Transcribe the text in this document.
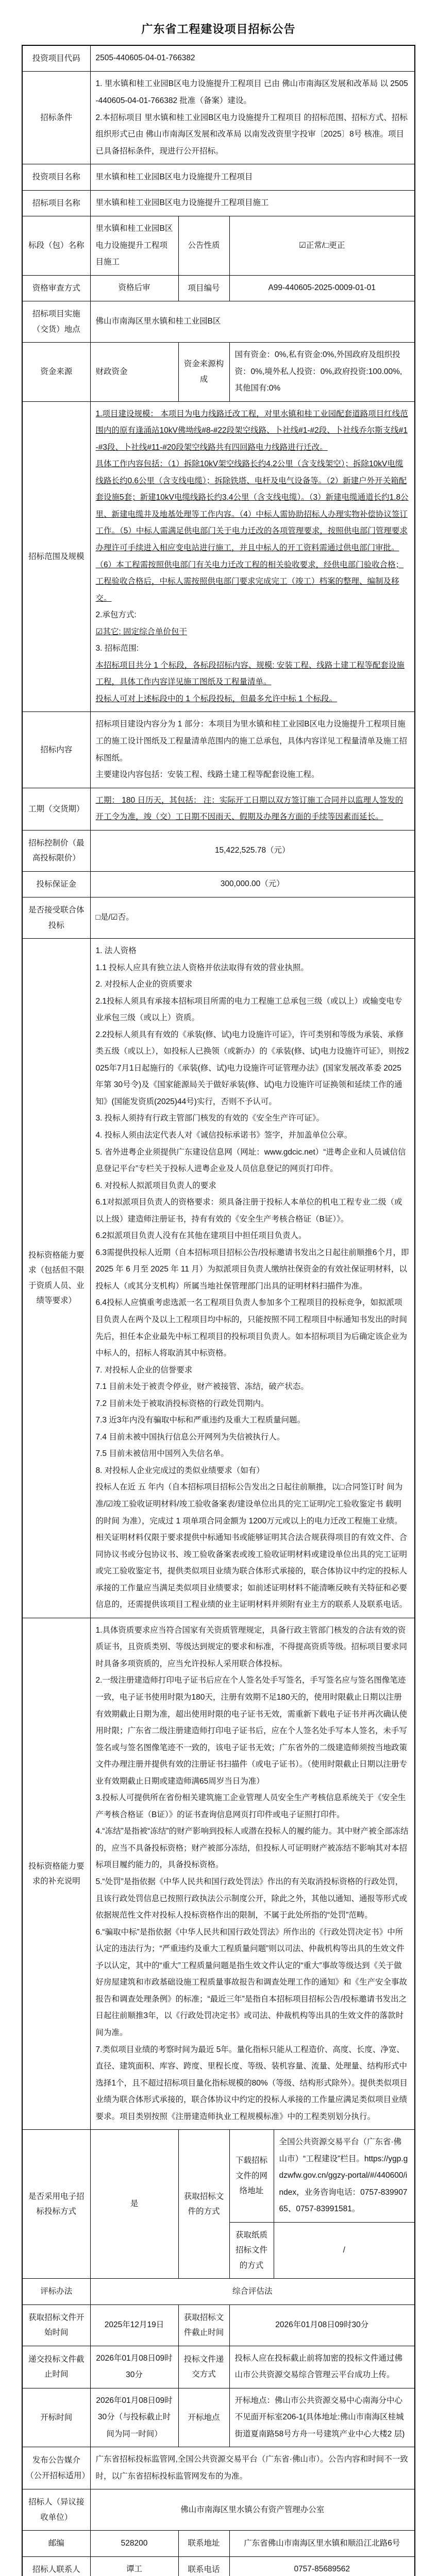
广东省工程建设项目招标公告
投资项目代码	2505-440605-04-01-766382			

招标条件	1. 里水镇和桂工业园B区电力设施提升工程项目 已由 佛山市南海区发展和改革局 以 2505-440605-04-01-766382 批准（备案）建设。

2.本招标项目 里水镇和桂工业园B区电力设施提升工程项目 的招标范围、招标方式、招标组织形式已由 佛山市南海区发展和改革局 以南发改资里字投审〔2025〕8号 核准。项目已具备招标条件，现进行公开招标。			

投资项目名称	里水镇和桂工业园B区电力设施提升工程项目			

招标项目名称	里水镇和桂工业园B区电力设施提升工程项目施工			

标段（包）名称	里水镇和桂工业园B区电力设施提升工程项目施工	公告性质	☑正常/□更正	

资格审查方式	资格后审	项目编号	A99-440605-2025-0009-01-01	

招标项目实施（交货）地点	佛山市南海区里水镇和桂工业园B区			

资金来源	财政资金	资金来源构成	国有资金：0%,私有资金:0%,外国政府及组织投资：0%,境外私人投资：0%,政府投资:100.00%,其他国有:0%	

招标范围及规模	

1.项目建设规模： 本项目为电力线路迁改工程，对里水镇和桂工业园配套道路项目红线范围内的原有逢涌站10kV佛坳线#8-#22段架空线路、卜社线#1-#2段、卜社线乔尔斯支线#1-#3段、卜社线#11-#20段架空线路共有四回路电力线路进行迁改。

具体工作内容包括：（1）拆除10kV架空线路长约4.2公里（含支线架空）；拆除10kV电缆线路长约0.6公里（含支线电缆）；拆除铁塔、电杆及电气设备等。（2）新建户外开关箱配套设施5套；新建10kV电缆线路长约3.4公里（含支线电缆）。（3）新建电缆通道长约1.8公里、新建电缆井及地基处理等工作内容。（4）中标人需协助招标人办理实物补偿协议签订工作。（5）中标人需满足供电部门关于电力迁改的各项管理要求，按照供电部门管理要求办理许可手续进入相应变电站进行施工，并且中标人的开工资料需通过供电部门审批。（6）本工程需按照供电部门有关电力迁改工程的相关验收要求，经供电部门验收合格；工程验收合格后，中标人需按照供电部门要求完成完工（竣工）档案的整理、编制及移交。

2.承包方式:

☑其它: 固定综合单价包干

3. 招标范围:

本招标项目共分 1 个标段，各标段招标内容、规模: 安装工程、线路土建工程等配套设施工程，具体工作内容详见施工图纸及工程量清单。

投标人可对上述标段中的 1 个标段投标，但最多允许中标 1 个标段。

招标内容	招标项目建设内容分为 1 部分：本项目为里水镇和桂工业园B区电力设施提升工程项目施工的施工设计图纸及工程量清单范围内的施工总承包，具体内容详见工程量清单及施工招标图纸。

主要建设内容包括：安装工程、线路土建工程等配套设施工程。			

工期（交货期）	工期： 180 日历天，其包括： 注：实际开工日期以双方签订施工合同并以监理人签发的开工令为准，竣（交）工日期不因雨天、假期及办理各方面的手续等因素而延长。			

招标控制价（最高投标限价）	15,422,525.78（元）			

投标保证金	300,000.00（元）			

是否接受联合体投标	□是/☑否。			

投标资格能力要求（包括但不限于资质人员、业绩等要求）	

1. 法人资格

1.1 投标人应具有独立法人资格并依法取得有效的营业执照。

2. 对投标人企业的资质要求

2.1投标人须具有承接本招标项目所需的电力工程施工总承包三级（或以上）或输变电专业承包三级（或以上）资质。

2.2投标人须具有有效的《承装(修、试)电力设施许可证》，许可类别和等级为承装、承修类五级（或以上），如投标人已换领（或新办）的《承装(修、试)电力设施许可证》，则按2025年7月1日起施行的《承装(修、试)电力设施许可证管理办法》(国家发展改革委 2025 年第 30号令)及《国家能源局关于做好承装(修、试)电力设施许可证换领和延续工作的通知》(国能发资质(2025)44号)实行，否则不予认可。

3. 投标人须持有行政主管部门核发的有效的《安全生产许可证》。

4. 投标人须由法定代表人对《诚信投标承诺书》签字，并加盖单位公章。

5. 省外进粤企业须提供广东建设信息网（网址：www.gdcic.net）“进粤企业和人员诚信信息登记平台”专栏关于投标人进粤企业及人员信息登记的网页打印件。

6. 对投标人拟派项目负责人的要求

6.1对拟派项目负责人的资格要求：须具备注册于投标人本单位的机电工程专业二级（或以上级）建造师注册证书，持有有效的《安全生产考核合格证（B证）》。

6.2拟派项目负责人没有在其他在建项目中担任项目负责人。

6.3需提供投标人近期（自本招标项目招标公告/投标邀请书发出之日起往前顺推6个月，即 2025 年 6 月至 2025 年 11 月）为拟派项目负责人缴纳社保资金的有效社保证明材料，以投标人（或其分支机构）所属当地社保管理部门出具的证明材料扫描件为准。

6.4投标人应慎重考虑选派一名工程项目负责人参加多个工程项目的投标竞争，如拟派项目负责人在两个及以上工程项目均中标的，只能按照不同工程项目中标通知书发出的时间先后，担任本企业最先中标工程项目的投标项目负责人。如本招标项目为后确定该企业为中标人的，招标人将取消其中标资格。

7. 对投标人企业的信誉要求

7.1 目前未处于被责令停业，财产被接管、冻结，破产状态。

7.2 目前未处于被取消投标资格的行政处罚期内。

7.3 近3年内没有骗取中标和严重违约及重大工程质量问题。

7.4 目前未被中国执行信息公开网列为失信被执行人。

7.5 目前未被信用中国列入失信名单。

8. 对投标人企业完成过的类似业绩要求（如有）

投标人在近 五 年内（自本招标项目招标公告发出之日起往前顺推，以□合同签订时 间为准/☑竣工验收证明材料/竣工验收备案表/建设单位出具的完工证明/完工验收鉴定书 载明的时间 为准），完成过 1 项单项合同金额为 1200万元或以上的电力迁改工程施工业绩。

相关证明材料仅限于要求提供中标通知书或能够证明其合法合规获得项目的有效文件、合同协议书或分包协议书、竣工验收备案表或竣工验收证明材料或建设单位出具的完工证明或完工验收鉴定书，提供类似项目业绩为联合体形式承接的，联合体协议中约定的投标人承接的工作量应当满足类似项目业绩要求；如前述证明材料不能清晰反映有关特征和必要信息的，还需提供该项目工程业绩的业主证明材料并须附有业主方的联系人及联系电话。

投标资格能力要求的补充说明	

1.具体资质要求应当符合国家有关资质管理规定，具备行政主管部门核发的合法有效的资质证书，且资质类别、等级达到规定的要求和标准，不得提高资质等级。招标项目要求同时具备多项资质的，应当允许投标人采用联合体投标。

2.一级注册建造师打印电子证书后应在个人签名处手写签名，手写签名应与签名图像笔迹一致，电子证书使用时限为180天，注册有效期不足180天的，使用时限截止日期以注册有效期截止日期为准，超出使用时限的电子证书无效，需重新下载电子证书并再次确认使用时限；广东省二级注册建造师打印电子证书后，应在个人签名处手写本人签名，未手写签名或与签名图像笔迹不一致的，该电子证书无效；广东省外的二级建造师须按当地政策文件办理注册并提供有效的注册证书扫描件（或电子证书）。（使用时限截止日期以注册专业有效期截止日期或建造师满65周岁当日为准）

3.投标人可提供所在省份相关建筑施工企业管理人员安全生产考核信息系统关于《安全生产考核合格证（B证）》的证书查询信息网页打印件或电子证照打印件。

4.“冻结”是指被“冻结”的财产影响到投标人或潜在投标人的履约能力。其中财产被全部冻结的，应当不具备投标资格；财产被部分冻结，但投标人可证明财产被冻结不影响其对本招标项目履约能力的，具备投标资格。

5.“处罚”是指依据《中华人民共和国行政处罚法》作出的有关取消投标资格的行政处罚，且该行政处罚信息已按照行政执法公示制度公开，除此之外，其他以通知、通报等形式或依据规范性文件对投标人投标资格作出的限制，不属于此处所指的“处罚”范畴。

6.“骗取中标”是指依据《中华人民共和国行政处罚法》所作出的《行政处罚决定书》中所认定的违法行为；“严重违约及重大工程质量问题”则以司法、仲裁机构等出具的生效文件予以认定，其中的“重大”工程质量问题是指生效文件认定的“重大”事故等级达到《关于做好房屋建筑和市政基础设施工程质量事故报告和调查处理工作的通知》和《生产安全事故报告和调查处理条例》的标准；“最近三年”是指自本招标项目招标公告/投标邀请书发出之日起往前顺推3年，以《行政处罚决定书》或司法、仲裁机构等出具的生效文件的落款时间为准。

7.类似项目业绩的考察时间为最近 5年。量化指标只能从工程造价、高度、长度、净宽、直径、建筑面积、库容、跨度、里程长度、等级、装机容量、流量、处理量、结构形式中选择1个，且不超过招标项目量化指标规模的80%（等级、结构形式除外）。提供类似项目业绩为联合体形式承接的，联合体协议中约定的投标人承接的工作量应满足类似项目业绩要求。项目类别按照《注册建造师执业工程规模标准》中的工程类别划分执行。

是否采用电子招标投标方式	是	获取招标文件的方式	下载招标文件的网络地址	全国公共资源交易平台（广东省·佛山市）“工程建设”栏目。https://ygp.gdzwfw.gov.cn/ggzy-portal/#/440600/index，业务咨询电话：0757-83990765、0757-83991581。

			获取纸质招标文件的方式	/

评标办法	综合评估法			

获取招标文件开始时间	2025年12月19日	获取招标文件截止时间	2026年01月08日09时30分	

递交投标文件截止时间	2026年01月08日09时30分	投标文件递交方式	投标人应在投标截止前将加密的投标文件通过佛山市公共资源交易综合管理云平台成功上传。	

开标时间	2026年01月08日09时30分（与投标截止时间为同一时间）	开标地点	开标地点：佛山市公共资源交易中心南海分中心不见面开标室206-1(具体地址:佛山市南海区桂城街道夏南路58号方舟一号建筑产业中心大楼2 层)	

发布公告媒介（公开招标适用）	广东省招标投标监管网,全国公共资源交易平台（广东省·佛山市）。公告内容和时间不一致时，以广东省招标投标监管网发布的为准。			

招标人（异议接收单位）	佛山市南海区里水镇公有资产管理办公室			

邮编	528200	联系地址	广东省佛山市南海区里水镇和顺沿江北路6号	

招标人联系人	谭工	联系电话	0757-85689562	
